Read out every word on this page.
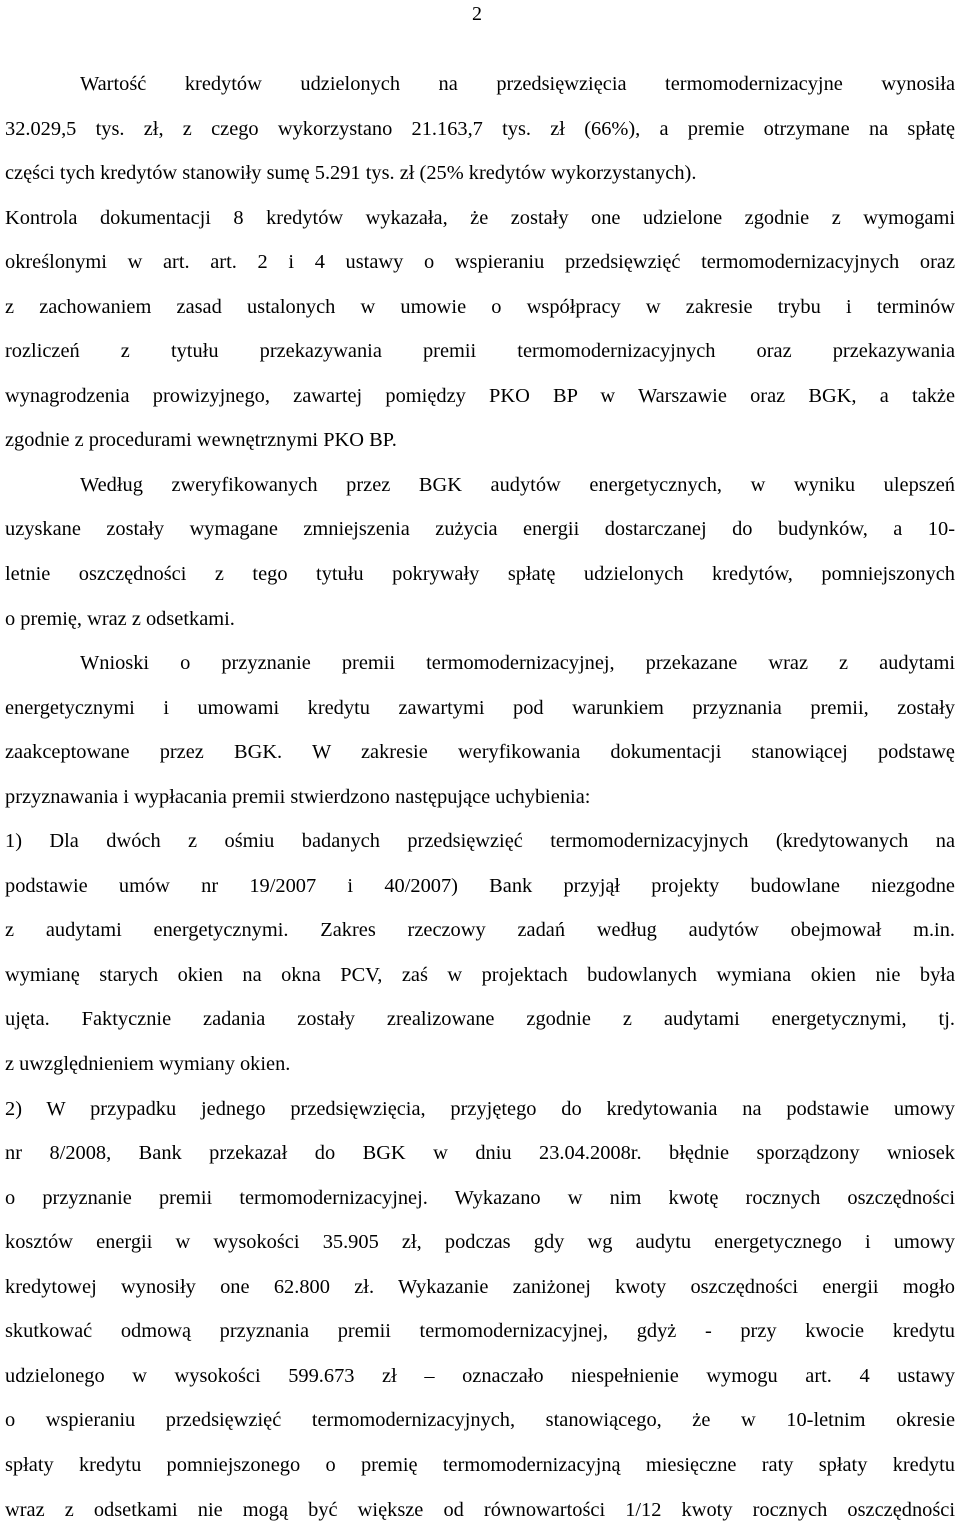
2
Wartość kredytów udzielonych na przedsięwzięcia termomodernizacyjne wynosiła
32.029,5 tys. zł, z czego wykorzystano 21.163,7 tys. zł (66%), a premie otrzymane na spłatę
części tych kredytów stanowiły sumę 5.291 tys. zł (25% kredytów wykorzystanych).
Kontrola dokumentacji 8 kredytów wykazała, że zostały one udzielone zgodnie z wymogami
określonymi w art. art. 2 i 4 ustawy o wspieraniu przedsięwzięć termomodernizacyjnych oraz
z zachowaniem zasad ustalonych w umowie o współpracy w zakresie trybu i terminów
rozliczeń z tytułu przekazywania premii termomodernizacyjnych oraz przekazywania
wynagrodzenia prowizyjnego, zawartej pomiędzy PKO BP w Warszawie oraz BGK, a także
zgodnie z procedurami wewnętrznymi PKO BP.
Według zweryfikowanych przez BGK audytów energetycznych, w wyniku ulepszeń
uzyskane zostały wymagane zmniejszenia zużycia energii dostarczanej do budynków, a 10-
letnie oszczędności z tego tytułu pokrywały spłatę udzielonych kredytów, pomniejszonych
o premię, wraz z odsetkami.
Wnioski o przyznanie premii termomodernizacyjnej, przekazane wraz z audytami
energetycznymi i umowami kredytu zawartymi pod warunkiem przyznania premii, zostały
zaakceptowane przez BGK. W zakresie weryfikowania dokumentacji stanowiącej podstawę
przyznawania i wypłacania premii stwierdzono następujące uchybienia:
1) Dla dwóch z ośmiu badanych przedsięwzięć termomodernizacyjnych (kredytowanych na
podstawie umów nr 19/2007 i 40/2007) Bank przyjął projekty budowlane niezgodne
z audytami energetycznymi. Zakres rzeczowy zadań według audytów obejmował m.in.
wymianę starych okien na okna PCV, zaś w projektach budowlanych wymiana okien nie była
ujęta. Faktycznie zadania zostały zrealizowane zgodnie z audytami energetycznymi, tj.
z uwzględnieniem wymiany okien.
2) W przypadku jednego przedsięwzięcia, przyjętego do kredytowania na podstawie umowy
nr 8/2008, Bank przekazał do BGK w dniu 23.04.2008r. błędnie sporządzony wniosek
o przyznanie premii termomodernizacyjnej. Wykazano w nim kwotę rocznych oszczędności
kosztów energii w wysokości 35.905 zł, podczas gdy wg audytu energetycznego i umowy
kredytowej wynosiły one 62.800 zł. Wykazanie zaniżonej kwoty oszczędności energii mogło
skutkować odmową przyznania premii termomodernizacyjnej, gdyż - przy kwocie kredytu
udzielonego w wysokości 599.673 zł – oznaczało niespełnienie wymogu art. 4 ustawy
o wspieraniu przedsięwzięć termomodernizacyjnych, stanowiącego, że w 10-letnim okresie
spłaty kredytu pomniejszonego o premię termomodernizacyjną miesięczne raty spłaty kredytu
wraz z odsetkami nie mogą być większe od równowartości 1/12 kwoty rocznych oszczędności
